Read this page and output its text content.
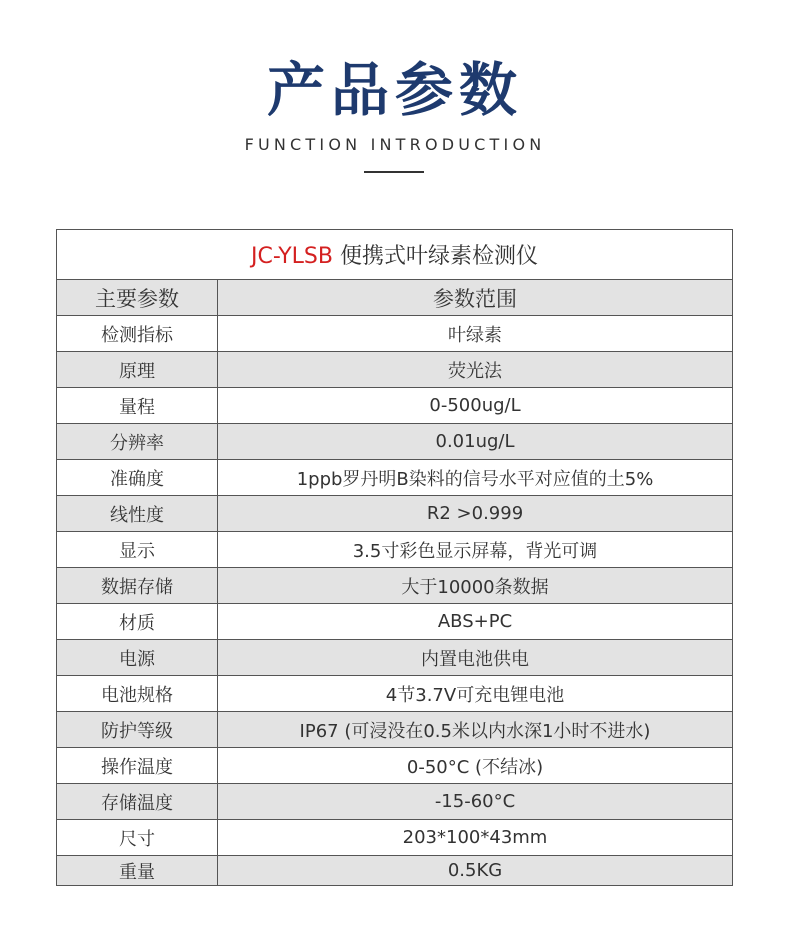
产品参数
FUNCTION INTRODUCTION
JC-YLSB 便携式叶绿素检测仪	
主要参数	参数范围
检测指标	叶绿素
原理	荧光法
量程	0-500ug/L
分辨率	0.01ug/L
准确度	1ppb罗丹明B染料的信号水平对应值的土5%
线性度	R2 >0.999
显示	3.5寸彩色显示屏幕，背光可调
数据存储	大于10000条数据
材质	ABS+PC
电源	内置电池供电
电池规格	4节3.7V可充电锂电池
防护等级	IP67 (可浸没在0.5米以内水深1小时不进水)
操作温度	0-50°C (不结冰)
存储温度	-15-60°C
尺寸	203*100*43mm
重量	0.5KG
